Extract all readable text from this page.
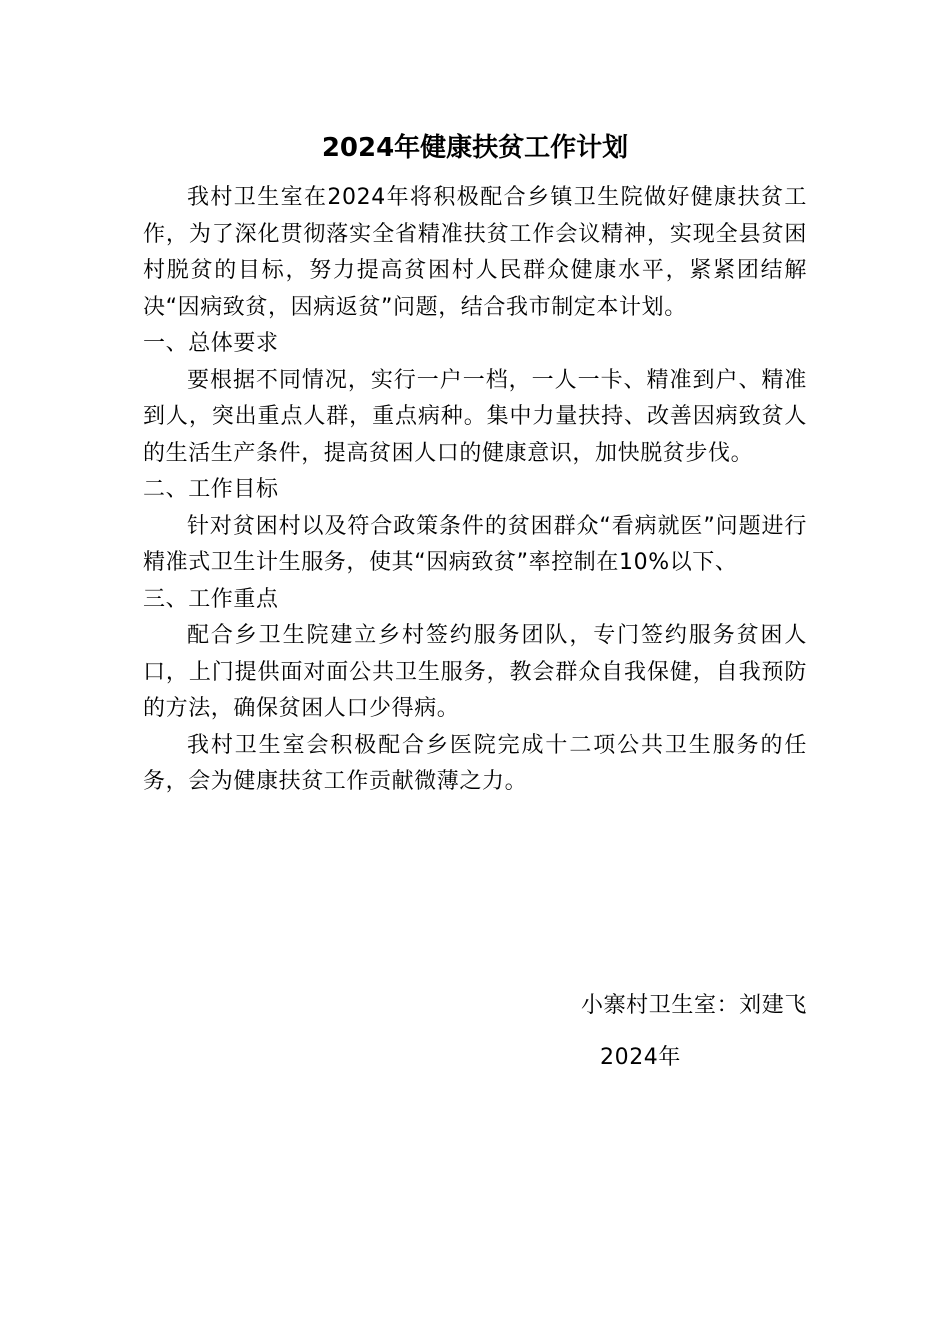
2024年健康扶贫工作计划

我村卫生室在2024年将积极配合乡镇卫生院做好健康扶贫工作，为了深化贯彻落实全省精准扶贫工作会议精神，实现全县贫困村脱贫的目标，努力提高贫困村人民群众健康水平，紧紧团结解决“因病致贫，因病返贫”问题，结合我市制定本计划。

一、总体要求

要根据不同情况，实行一户一档，一人一卡、精准到户、精准到人，突出重点人群，重点病种。集中力量扶持、改善因病致贫人的生活生产条件，提高贫困人口的健康意识，加快脱贫步伐。

二、工作目标

针对贫困村以及符合政策条件的贫困群众“看病就医”问题进行精准式卫生计生服务，使其“因病致贫”率控制在10%以下、

三、工作重点

配合乡卫生院建立乡村签约服务团队，专门签约服务贫困人口，上门提供面对面公共卫生服务，教会群众自我保健，自我预防的方法，确保贫困人口少得病。

我村卫生室会积极配合乡医院完成十二项公共卫生服务的任务，会为健康扶贫工作贡献微薄之力。

小寨村卫生室：刘建飞

2024年
